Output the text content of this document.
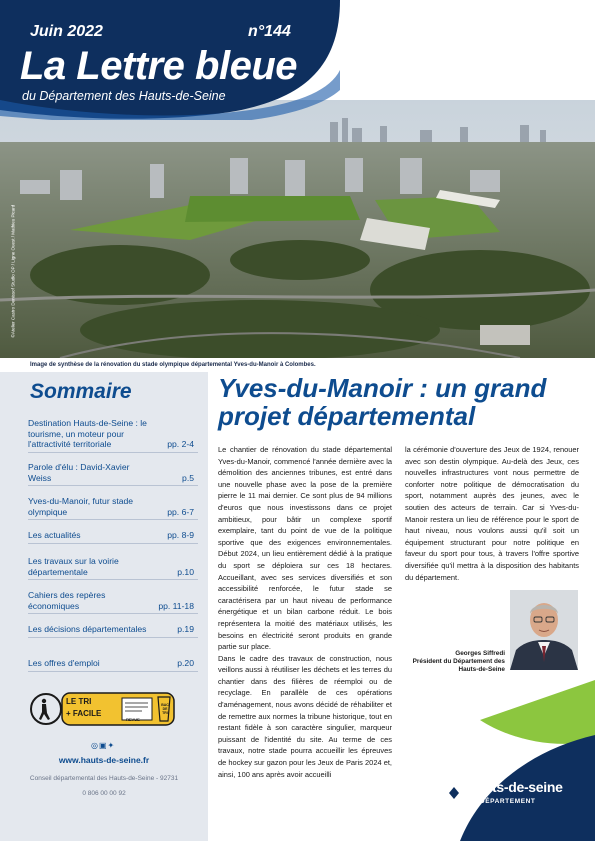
Juin 2022	n°144
La Lettre bleue
du Département des Hauts-de-Seine
©Atelier Castro Denissof Studio OP / Ligne Ouest / Mathieu Picard
Image de synthèse de la rénovation du stade olympique départemental Yves-du-Manoir à Colombes.
Sommaire
Destination Hauts-de-Seine : le tourisme, un moteur pour l'attractivité territoriale	pp. 2-4
Parole d'élu : David-Xavier Weiss	p.5
Yves-du-Manoir, futur stade olympique	pp. 6-7
Les actualités	pp. 8-9
Les travaux sur la voirie départementale	p.10
Cahiers des repères économiques	pp. 11-18
Les décisions départementales	p.19
Les offres d'emploi	p.20
LE TRI
+ FACILE
REVUE
BAC DE TRI
◎▣✦
www.hauts-de-seine.fr
Conseil départemental des Hauts-de-Seine - 92731
0 806 00 00 92
Yves-du-Manoir : un grand projet départemental
Le chantier de rénovation du stade départemental Yves-du-Manoir, commencé l'année dernière avec la démolition des anciennes tribunes, est entré dans une nouvelle phase avec la pose de la première pierre le 11 mai dernier. Ce sont plus de 94 millions d'euros que nous investissons dans ce projet ambitieux, pour bâtir un complexe sportif exemplaire, tant du point de vue de la politique sportive que des exigences environnementales. Début 2024, un lieu entièrement dédié à la pratique du sport se déploiera sur ces 18 hectares. Accueillant, avec ses services diversifiés et son accessibilité renforcée, le futur stade se caractérisera par un haut niveau de performance énergétique et un bilan carbone réduit. Le bois représentera la moitié des matériaux utilisés, les besoins en électricité seront produits en grande partie sur place.
Dans le cadre des travaux de construction, nous veillons aussi à réutiliser les déchets et les terres du chantier dans des filières de réemploi ou de recyclage. En parallèle de ces opérations d'aménagement, nous avons décidé de réhabiliter et de remettre aux normes la tribune historique, tout en restant fidèle à son caractère singulier, marqueur puissant de l'identité du site. Au terme de ces travaux, notre stade pourra accueillir les épreuves de hockey sur gazon pour les Jeux de Paris 2024 et, ainsi, 100 ans après avoir accueilli
la cérémonie d'ouverture des Jeux de 1924, renouer avec son destin olympique. Au-delà des Jeux, ces nouvelles infrastructures vont nous permettre de conforter notre politique de démocratisation du sport, notamment auprès des jeunes, avec le soutien des acteurs de terrain. Car si Yves-du-Manoir restera un lieu de référence pour le sport de haut niveau, nous voulons aussi qu'il soit un équipement structurant pour notre politique en faveur du sport pour tous, à travers l'offre sportive diversifiée qu'il mettra à la disposition des habitants du département.
Georges Siffredi
Président du Département des Hauts-de-Seine
hauts-de-seine
LE DÉPARTEMENT
